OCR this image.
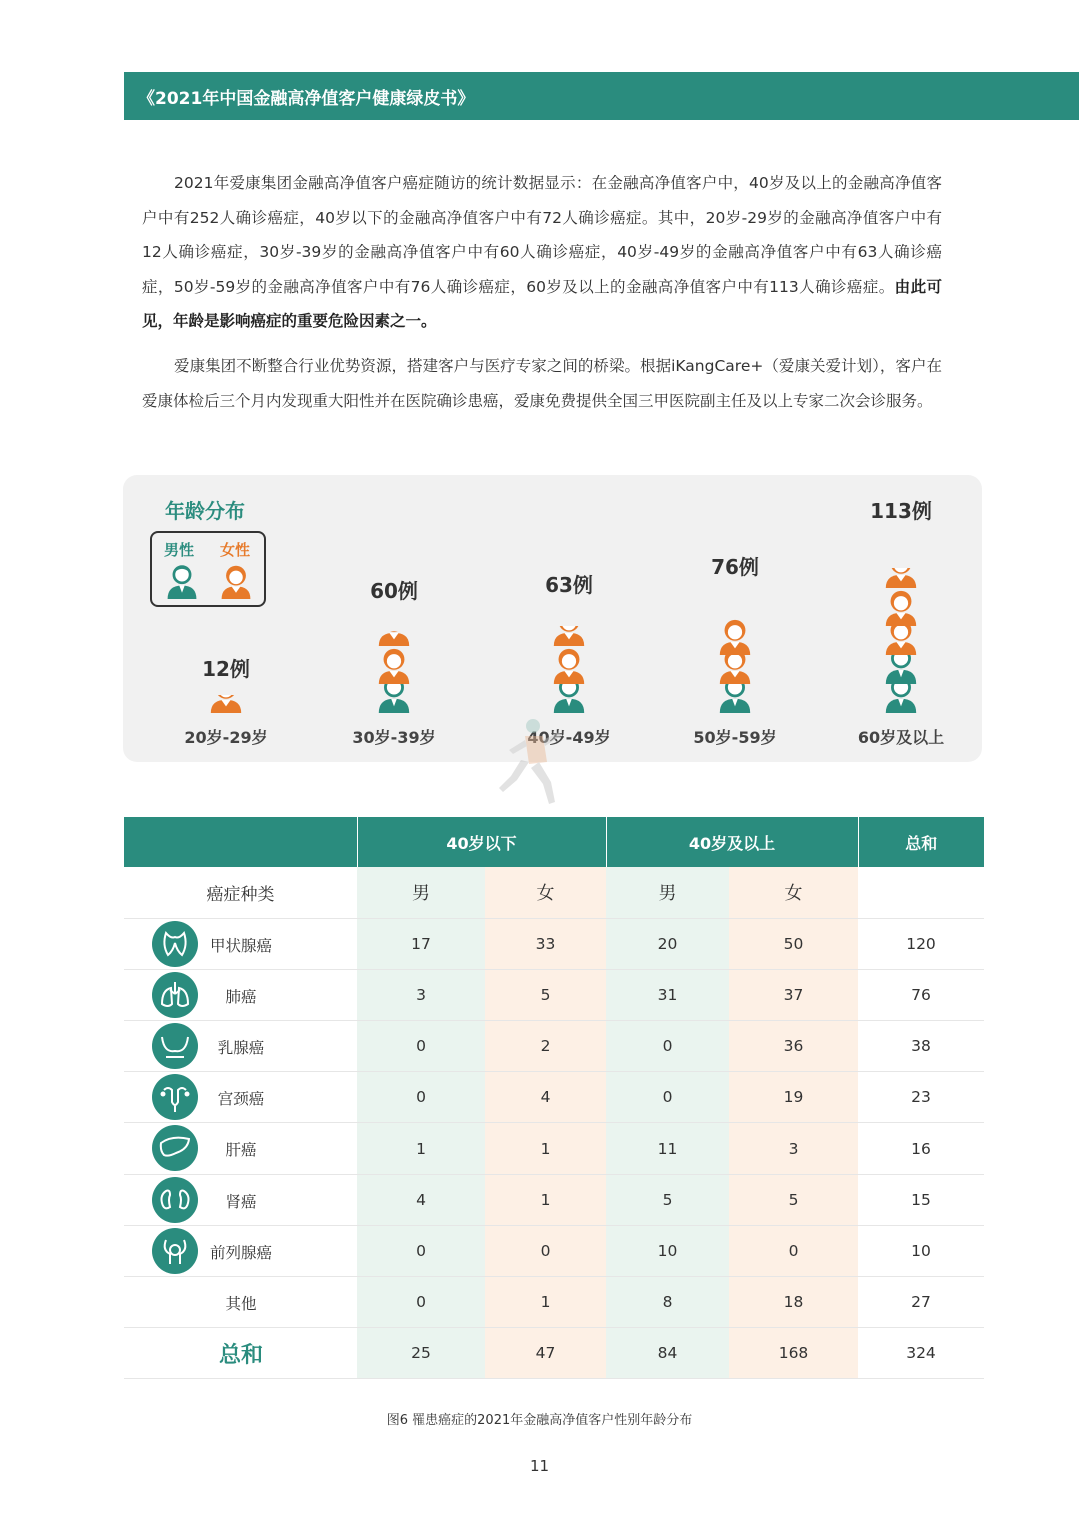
《2021年中国金融高净值客户健康绿皮书》
2021年爱康集团金融高净值客户癌症随访的统计数据显示：在金融高净值客户中，40岁及以上的金融高净值客户中有252人确诊癌症，40岁以下的金融高净值客户中有72人确诊癌症。其中，20岁-29岁的金融高净值客户中有12人确诊癌症，30岁-39岁的金融高净值客户中有60人确诊癌症，40岁-49岁的金融高净值客户中有63人确诊癌症，50岁-59岁的金融高净值客户中有76人确诊癌症，60岁及以上的金融高净值客户中有113人确诊癌症。由此可见，年龄是影响癌症的重要危险因素之一。
爱康集团不断整合行业优势资源，搭建客户与医疗专家之间的桥梁。根据iKangCare+（爱康关爱计划），客户在爱康体检后三个月内发现重大阳性并在医院确诊患癌，爱康免费提供全国三甲医院副主任及以上专家二次会诊服务。
年龄分布
男性 女性
12例
20岁-29岁
60例
30岁-39岁
63例
40岁-49岁
76例
50岁-59岁
113例
60岁及以上
	40岁以下		40岁及以上		总和
癌症种类	男	女	男	女	

甲状腺癌	17	33	20	50	120

肺癌	3	5	31	37	76

乳腺癌	0	2	0	36	38

宫颈癌	0	4	0	19	23

肝癌	1	1	11	3	16

肾癌	4	1	5	5	15

前列腺癌	0	0	10	0	10

其他	0	1	8	18	27

总和	25	47	84	168	324
图6 罹患癌症的2021年金融高净值客户性别年龄分布
11
